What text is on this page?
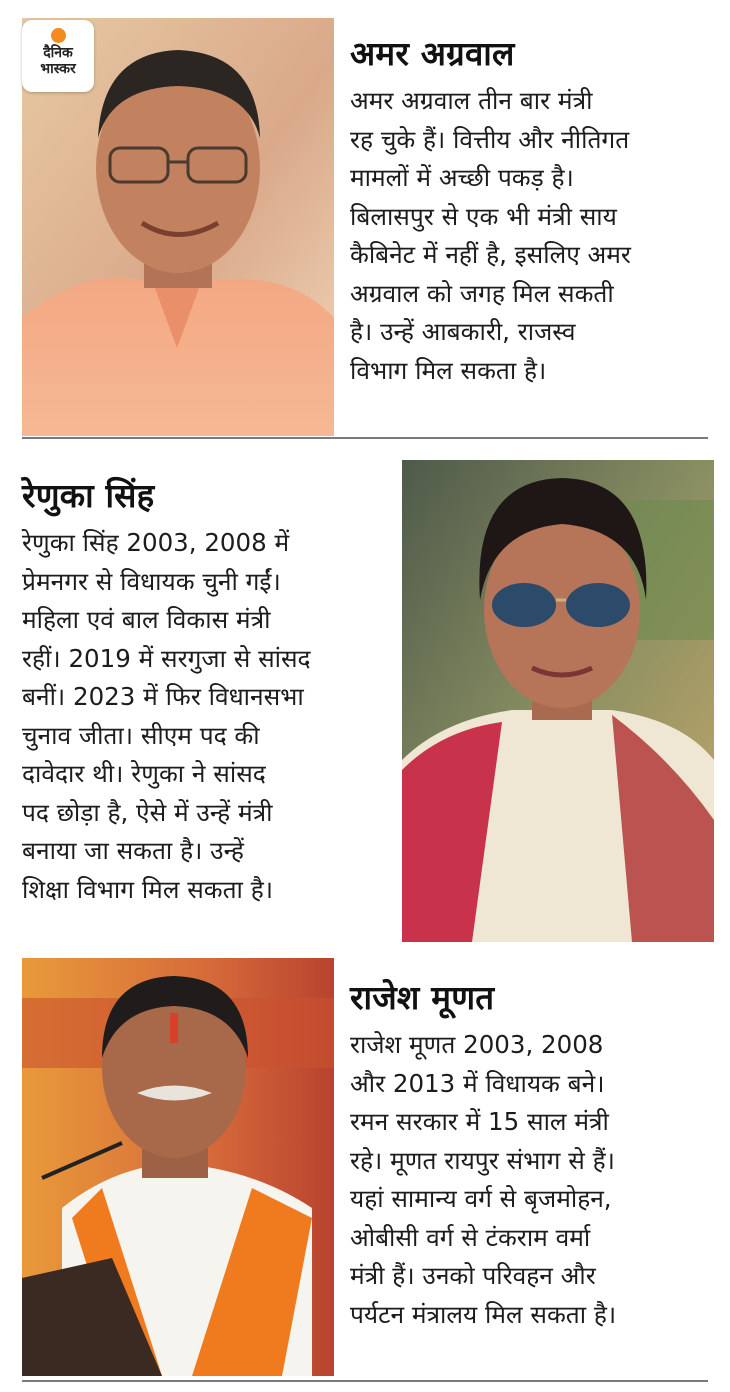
दैनिक
भास्कर	अमर अग्रवाल

अमर अग्रवाल तीन बार मंत्री
रह चुके हैं। वित्तीय और नीतिगत
मामलों में अच्छी पकड़ है।
बिलासपुर से एक भी मंत्री साय
कैबिनेट में नहीं है, इसलिए अमर
अग्रवाल को जगह मिल सकती
है। उन्हें आबकारी, राजस्व
विभाग मिल सकता है।

रेणुका सिंह

रेणुका सिंह 2003, 2008 में
प्रेमनगर से विधायक चुनी गईं।
महिला एवं बाल विकास मंत्री
रहीं। 2019 में सरगुजा से सांसद
बनीं। 2023 में फिर विधानसभा
चुनाव जीता। सीएम पद की
दावेदार थी। रेणुका ने सांसद
पद छोड़ा है, ऐसे में उन्हें मंत्री
बनाया जा सकता है। उन्हें
शिक्षा विभाग मिल सकता है।

राजेश मूणत

राजेश मूणत 2003, 2008
और 2013 में विधायक बने।
रमन सरकार में 15 साल मंत्री
रहे। मूणत रायपुर संभाग से हैं।
यहां सामान्य वर्ग से बृजमोहन,
ओबीसी वर्ग से टंकराम वर्मा
मंत्री हैं। उनको परिवहन और
पर्यटन मंत्रालय मिल सकता है।
